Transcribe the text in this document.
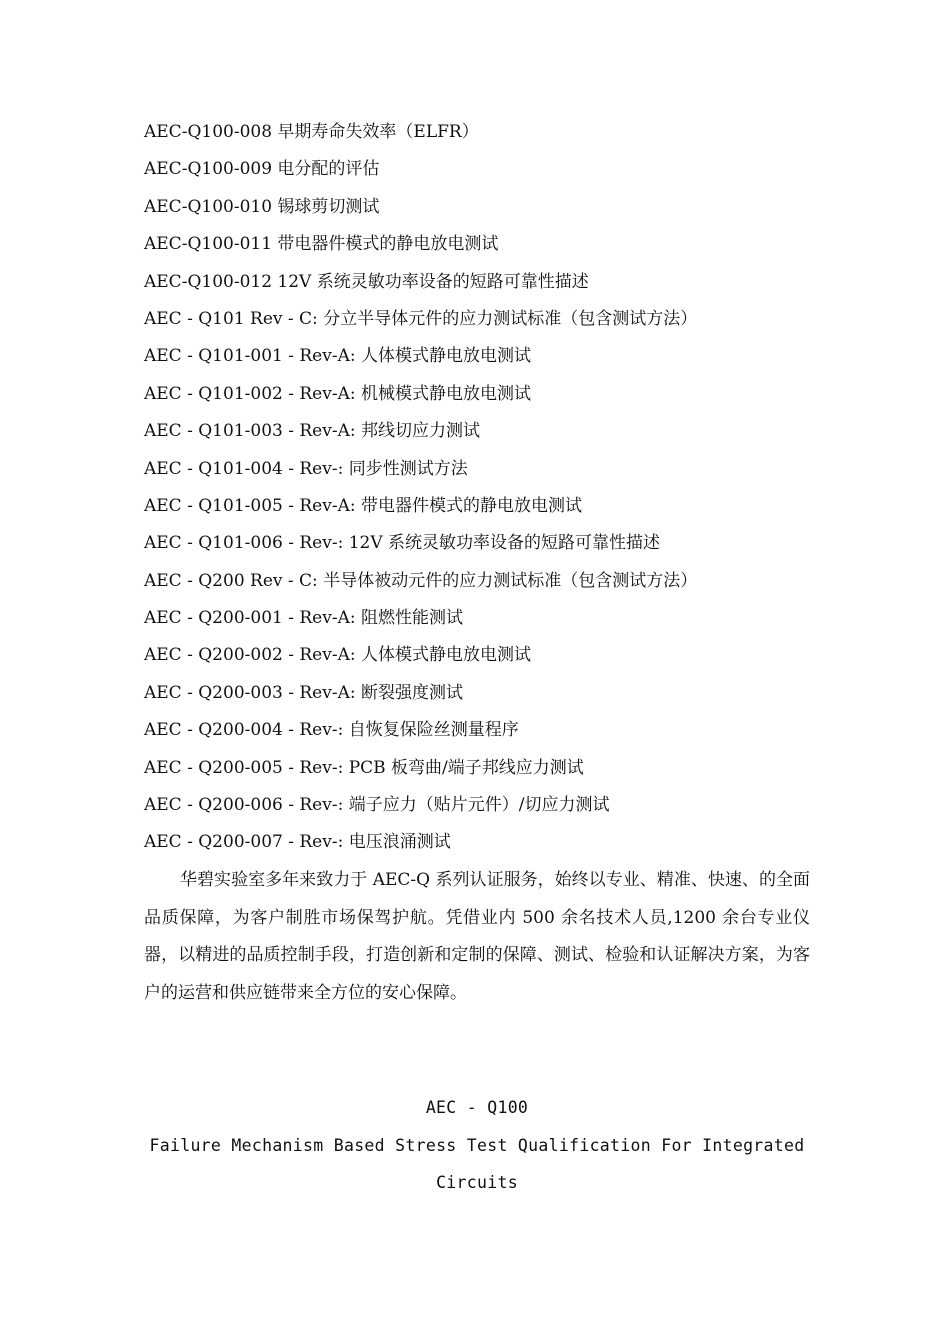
AEC-Q100-008 早期寿命失效率（ELFR）
AEC-Q100-009 电分配的评估
AEC-Q100-010 锡球剪切测试
AEC-Q100-011 带电器件模式的静电放电测试
AEC-Q100-012 12V 系统灵敏功率设备的短路可靠性描述
AEC - Q101 Rev - C: 分立半导体元件的应力测试标准（包含测试方法）
AEC - Q101-001 - Rev-A: 人体模式静电放电测试
AEC - Q101-002 - Rev-A: 机械模式静电放电测试
AEC - Q101-003 - Rev-A: 邦线切应力测试
AEC - Q101-004 - Rev-: 同步性测试方法
AEC - Q101-005 - Rev-A: 带电器件模式的静电放电测试
AEC - Q101-006 - Rev-: 12V 系统灵敏功率设备的短路可靠性描述
AEC - Q200 Rev - C: 半导体被动元件的应力测试标准（包含测试方法）
AEC - Q200-001 - Rev-A: 阻燃性能测试
AEC - Q200-002 - Rev-A: 人体模式静电放电测试
AEC - Q200-003 - Rev-A: 断裂强度测试
AEC - Q200-004 - Rev-: 自恢复保险丝测量程序
AEC - Q200-005 - Rev-: PCB 板弯曲/端子邦线应力测试
AEC - Q200-006 - Rev-: 端子应力（贴片元件）/切应力测试
AEC - Q200-007 - Rev-: 电压浪涌测试

华碧实验室多年来致力于 AEC-Q 系列认证服务，始终以专业、精准、快速、的全面品质保障，为客户制胜市场保驾护航。凭借业内 500 余名技术人员,1200 余台专业仪器，以精进的品质控制手段，打造创新和定制的保障、测试、检验和认证解决方案，为客户的运营和供应链带来全方位的安心保障。

AEC - Q100
Failure Mechanism Based Stress Test Qualification For Integrated
Circuits
